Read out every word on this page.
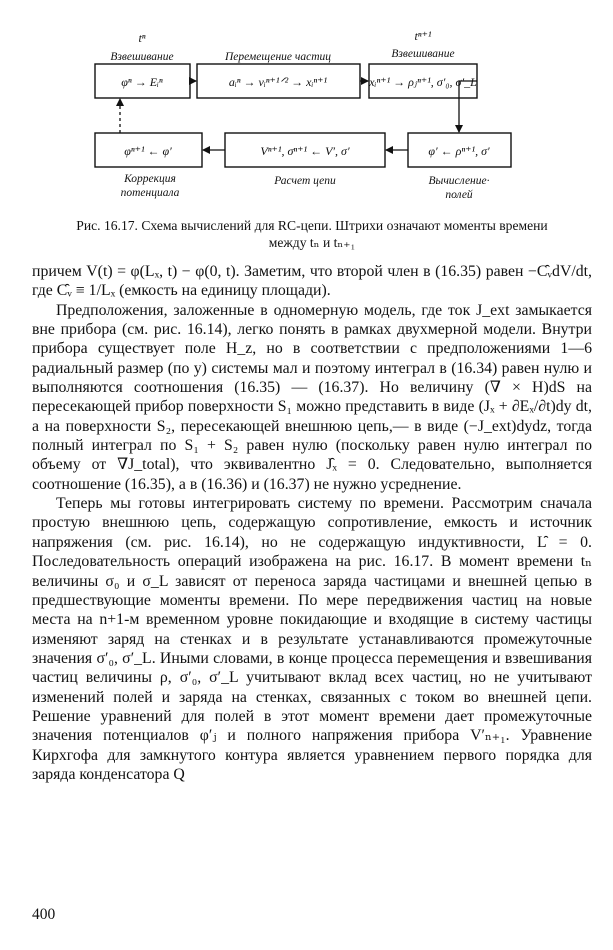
tⁿ	tⁿ⁺¹
Взвешивание	Перемещение частиц	Взвешивание
φⁿ → Eᵢⁿ	aᵢⁿ → vᵢⁿ⁺¹ᐟ² → xᵢⁿ⁺¹	xᵢⁿ⁺¹ → ρⱼⁿ⁺¹, σ′₀, σ′_L
φⁿ⁺¹ ← φ′	Vⁿ⁺¹, σⁿ⁺¹ ← V′, σ′	φ′ ← ρⁿ⁺¹, σ′
Коррекция
потенциала
Расчет цепи	Вычисление·
полей
Рис. 16.17. Схема вычислений для RC-цепи. Штрихи означают моменты времени
между tₙ и tₙ₊₁

причем V(t) = φ(Lₓ, t) − φ(0, t). Заметим, что второй член в (16.35) равен −C̑ᵥdV/dt, где C̑ᵥ ≡ 1/Lₓ (емкость на единицу площади).

Предположения, заложенные в одномерную модель, где ток J_ext замыкается вне прибора (см. рис. 16.14), легко понять в рамках двухмерной модели. Внутри прибора существует поле H_z, но в соответствии с предположениями 1—6 радиальный размер (по y) системы мал и поэтому интеграл в (16.34) равен нулю и выполняются соотношения (16.35) — (16.37). Но величину (∇ × H)dS на пересекающей прибор поверхности S₁ можно представить в виде (Jₓ + ∂Eₓ/∂t)dy dt, а на поверхности S₂, пересекающей внешнюю цепь,— в виде (−J_ext)dydz, тогда полный интеграл по S₁ + S₂ равен нулю (поскольку равен нулю интеграл по объему от ∇J_total), что эквивалентно J̑ₓ = 0. Следовательно, выполняется соотношение (16.35), а в (16.36) и (16.37) не нужно усреднение.

Теперь мы готовы интегрировать систему по времени. Рассмотрим сначала простую внешнюю цепь, содержащую сопротивление, емкость и источник напряжения (см. рис. 16.14), но не содержащую индуктивности, L̑ = 0. Последовательность операций изображена на рис. 16.17. В момент времени tₙ величины σ₀ и σ_L зависят от переноса заряда частицами и внешней цепью в предшествующие моменты времени. По мере передвижения частиц на новые места на n+1-м временном уровне покидающие и входящие в систему частицы изменяют заряд на стенках и в результате устанавливаются промежуточные значения σ′₀, σ′_L. Иными словами, в конце процесса перемещения и взвешивания частиц величины ρ, σ′₀, σ′_L учитывают вклад всех частиц, но не учитывают изменений полей и заряда на стенках, связанных с током во внешней цепи. Решение уравнений для полей в этот момент времени дает промежуточные значения потенциалов φ′ⱼ и полного напряжения прибора V′ₙ₊₁. Уравнение Кирхгофа для замкнутого контура является уравнением первого порядка для заряда конденсатора Q

400
